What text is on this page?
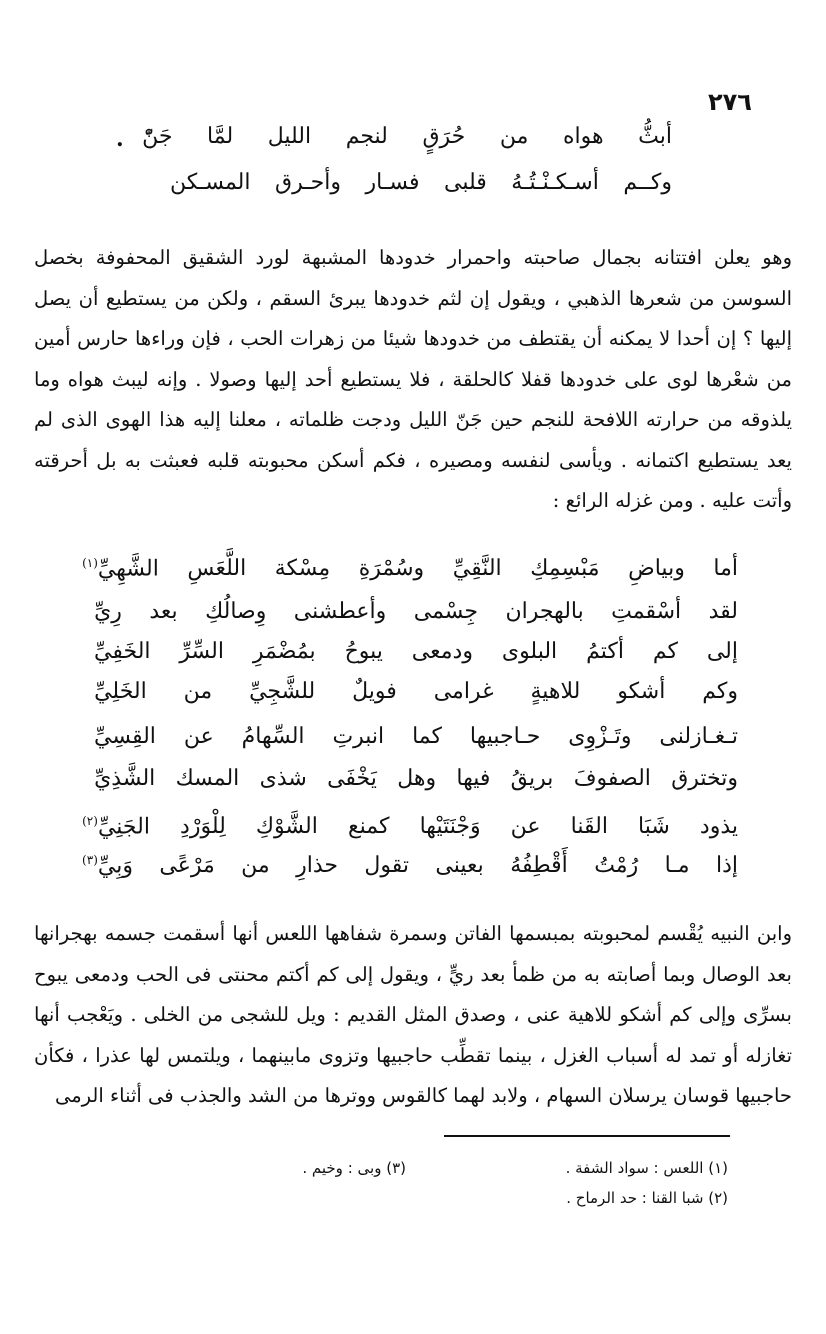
٢٧٦
أبثُّ
هواه
من
حُرَقٍ
لنجم
الليل
لمَّا
جَنّْ
.
وكــم
أسـكـنْـتُـهُ
قلبى
فسـار
وأحـرق
المسـكن
وهو يعلن افتتانه بجمال صاحبته واحمرار خدودها المشبهة لورد الشقيق المحفوفة بخصل السوسن من شعرها الذهبي ، ويقول إن لثم خدودها يبرئ السقم ، ولكن من يستطيع أن يصل إليها ؟ إن أحدا لا يمكنه أن يقتطف من خدودها شيئا من زهرات الحب ، فإن وراءها حارس أمين من شعْرها لوى على خدودها قفلا كالحلقة ، فلا يستطيع أحد إليها وصولا . وإنه ليبث هواه وما يلذوقه من حرارته اللافحة للنجم حين جَنّ الليل ودجت ظلماته ، معلنا إليه هذا الهوى الذى لم يعد يستطيع اكتمانه . ويأسى لنفسه ومصيره ، فكم أسكن محبوبته قلبه فعبثت به بل أحرقته وأتت عليه . ومن غزله الرائع :
أما
وبياضِ
مَبْسِمِكِ
النَّقِيِّ
وسُمْرَةِ
مِسْكة
اللَّعَسِ
الشَّهِيِّ$^{(١)}$
لقد
أسْقمتِ
بالهجران
جِسْمى
وأعطشنى
وِصالُكِ
بعد
رِيِّ
إلى
كم
أكتمُ
البلوى
ودمعى
يبوحُ
بمُضْمَرِ
السِّرِّ
الخَفِيِّ
وكم
أشكو
للاهيةٍ
غرامى
فويلٌ
للشَّجِيِّ
من
الخَلِيِّ
تـغـازلنى
وتَـزْوِى
حـاجبيها
كما
انبرتِ
السِّهامُ
عن
القِسِيِّ
وتخترق
الصفوفَ
بريقُ
فيها
وهل
يَخْفَى
شذى
المسك
الشَّذِيِّ
يذود
شَبَا
القَنا
عن
وَجْنَتَيْها
كمنع
الشَّوْكِ
لِلْوَرْدِ
الجَنِيِّ$^{(٢)}$
إذا
مـا
رُمْتُ
أَقْطِفُهُ
بعينى
تقول
حذارِ
من
مَرْعًى
وَبِيِّ$^{(٣)}$
وابن النبيه يُقْسم لمحبوبته بمبسمها الفاتن وسمرة شفاهها اللعس أنها أسقمت جسمه بهجرانها بعد الوصال وبما أصابته به من ظمأ بعد ريٍّ ، ويقول إلى كم أكتم محنتى فى الحب ودمعى يبوح بسرِّى وإلى كم أشكو للاهية عنى ، وصدق المثل القديم : ويل للشجى من الخلى . ويَعْجب أنها تغازله أو تمد له أسباب الغزل ، بينما تقطِّب حاجبيها وتزوى مابينهما ، ويلتمس لها عذرا ، فكأن حاجبيها قوسان يرسلان السهام ، ولابد لهما كالقوس ووترها من الشد والجذب فى أثناء الرمى
(١) اللعس : سواد الشفة .
(٣) وبى : وخيم .
(٢) شبا القنا : حد الرماح .
